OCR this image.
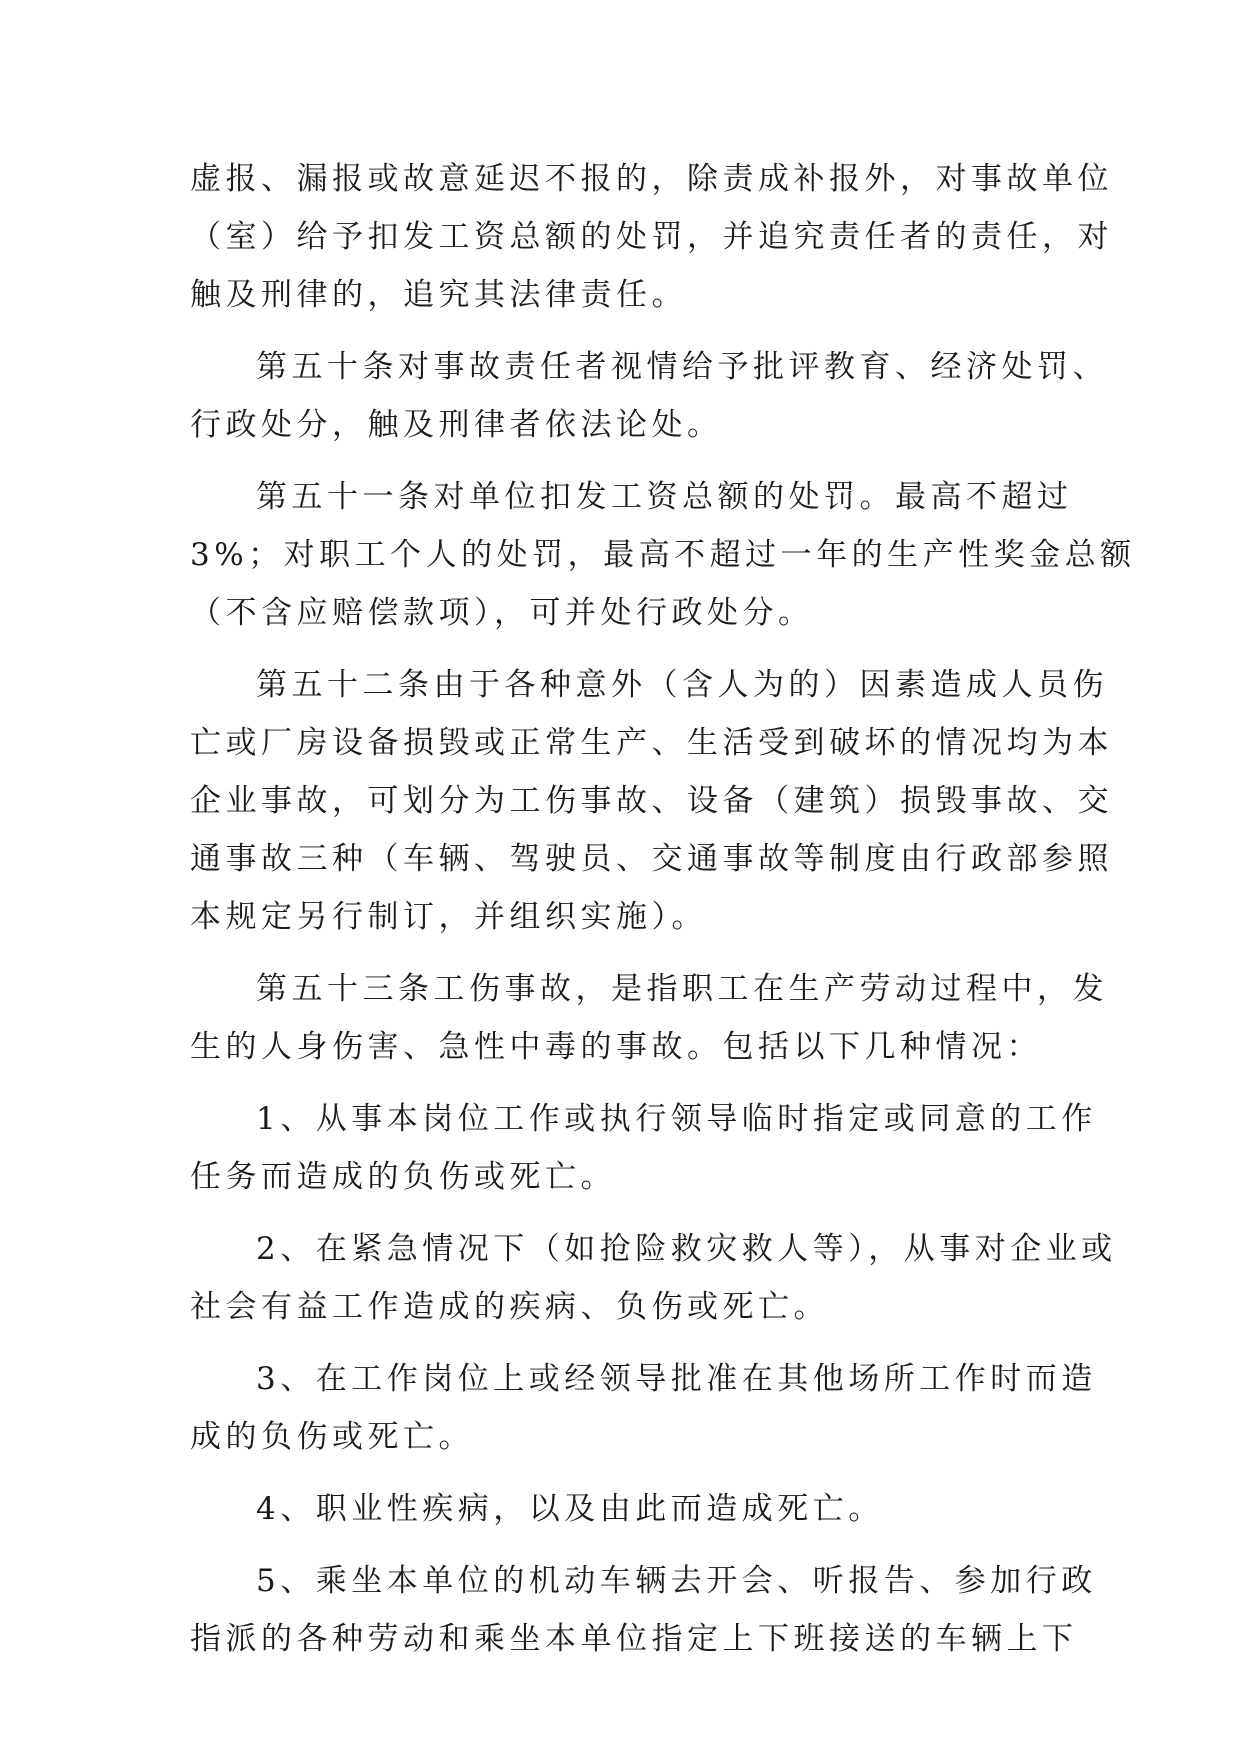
虚报、漏报或故意延迟不报的，除责成补报外，对事故单位
（室）给予扣发工资总额的处罚，并追究责任者的责任，对
触及刑律的，追究其法律责任。
第五十条对事故责任者视情给予批评教育、经济处罚、
行政处分，触及刑律者依法论处。
第五十一条对单位扣发工资总额的处罚。最高不超过
3%；对职工个人的处罚，最高不超过一年的生产性奖金总额
（不含应赔偿款项），可并处行政处分。
第五十二条由于各种意外（含人为的）因素造成人员伤
亡或厂房设备损毁或正常生产、生活受到破坏的情况均为本
企业事故，可划分为工伤事故、设备（建筑）损毁事故、交
通事故三种（车辆、驾驶员、交通事故等制度由行政部参照
本规定另行制订，并组织实施）。
第五十三条工伤事故，是指职工在生产劳动过程中，发
生的人身伤害、急性中毒的事故。包括以下几种情况：
1、从事本岗位工作或执行领导临时指定或同意的工作
任务而造成的负伤或死亡。
2、在紧急情况下（如抢险救灾救人等），从事对企业或
社会有益工作造成的疾病、负伤或死亡。
3、在工作岗位上或经领导批准在其他场所工作时而造
成的负伤或死亡。
4、职业性疾病，以及由此而造成死亡。
5、乘坐本单位的机动车辆去开会、听报告、参加行政
指派的各种劳动和乘坐本单位指定上下班接送的车辆上下
